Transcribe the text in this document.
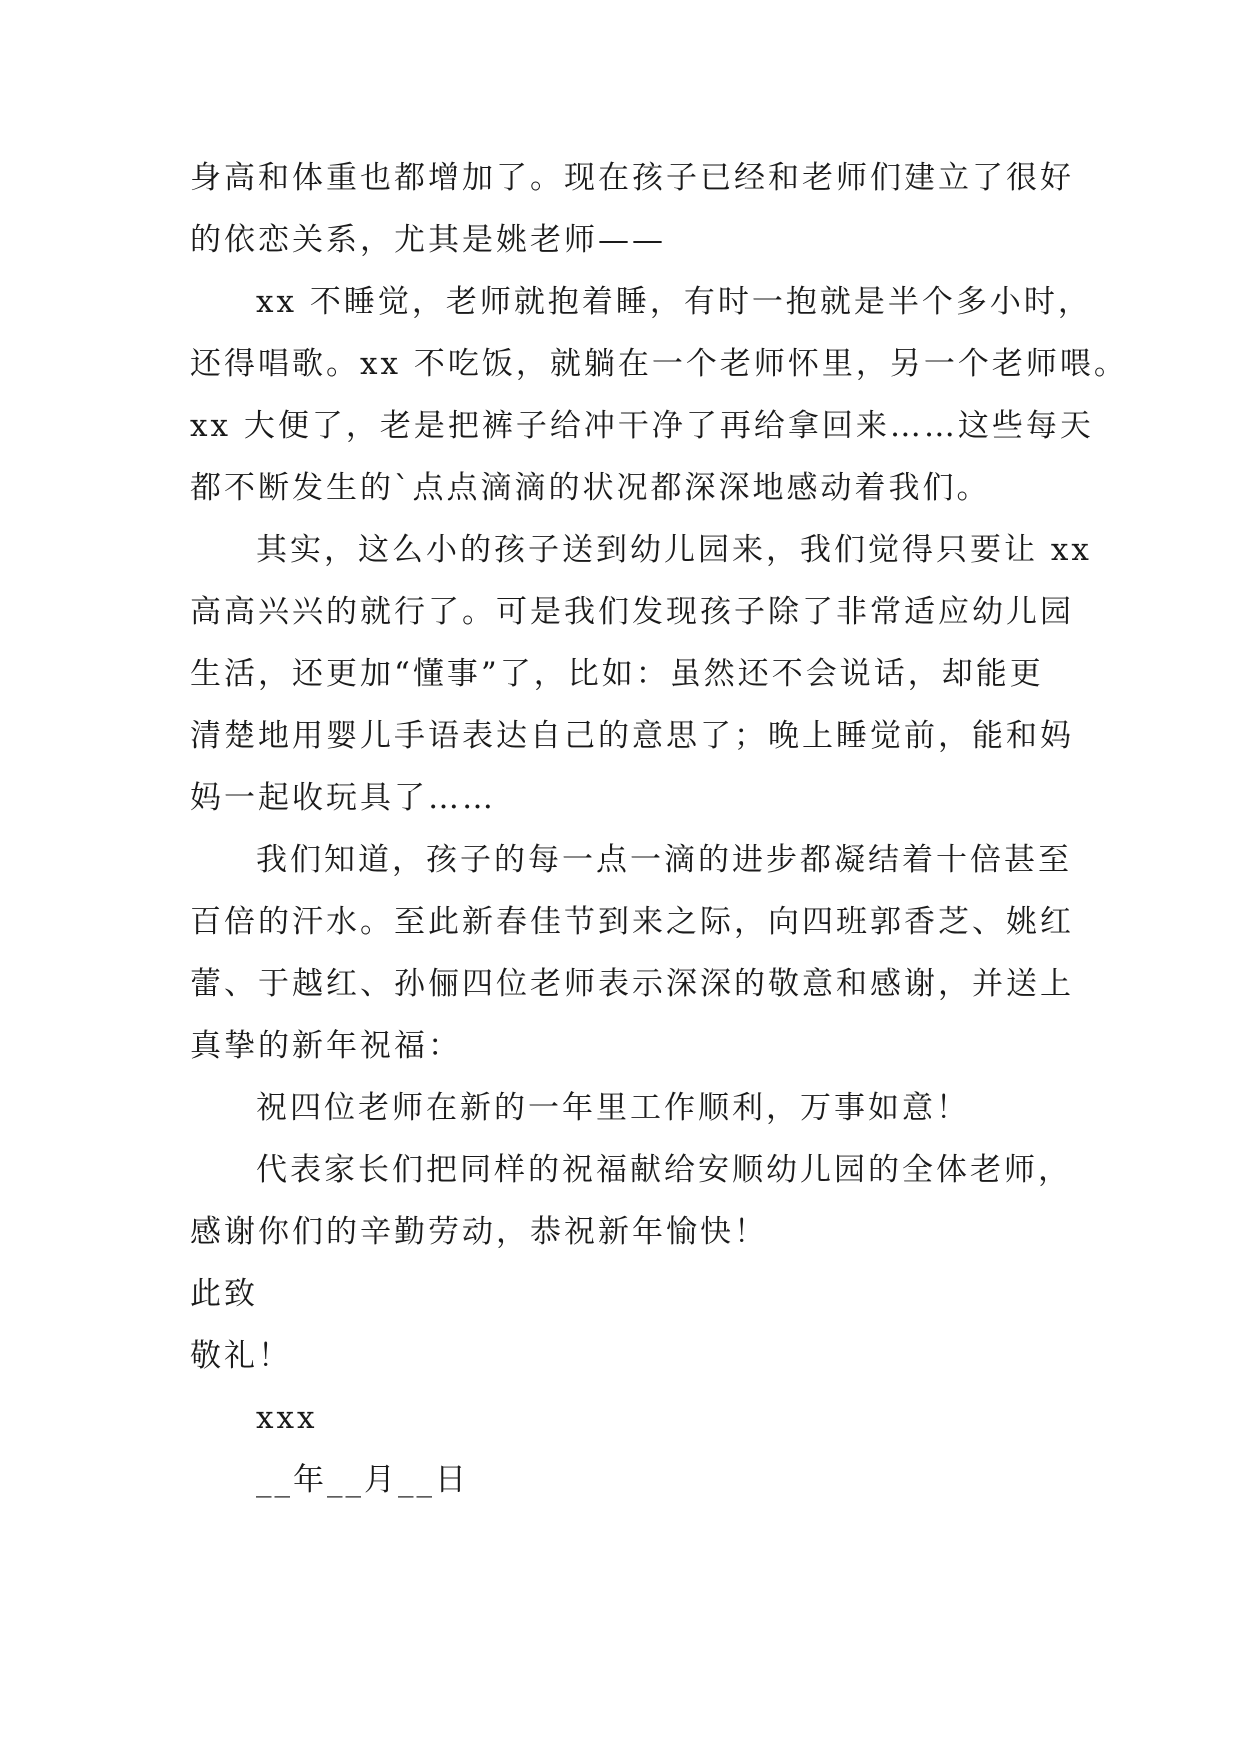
身高和体重也都增加了。现在孩子已经和老师们建立了很好
的依恋关系，尤其是姚老师——
xx 不睡觉，老师就抱着睡，有时一抱就是半个多小时，
还得唱歌。xx 不吃饭，就躺在一个老师怀里，另一个老师喂。
xx 大便了，老是把裤子给冲干净了再给拿回来……这些每天
都不断发生的`点点滴滴的状况都深深地感动着我们。
其实，这么小的孩子送到幼儿园来，我们觉得只要让 xx
高高兴兴的就行了。可是我们发现孩子除了非常适应幼儿园
生活，还更加“懂事”了，比如：虽然还不会说话，却能更
清楚地用婴儿手语表达自己的意思了；晚上睡觉前，能和妈
妈一起收玩具了……
我们知道，孩子的每一点一滴的进步都凝结着十倍甚至
百倍的汗水。至此新春佳节到来之际，向四班郭香芝、姚红
蕾、于越红、孙俪四位老师表示深深的敬意和感谢，并送上
真挚的新年祝福：
祝四位老师在新的一年里工作顺利，万事如意！
代表家长们把同样的祝福献给安顺幼儿园的全体老师，
感谢你们的辛勤劳动，恭祝新年愉快！
此致
敬礼！
xxx
__年__月__日
